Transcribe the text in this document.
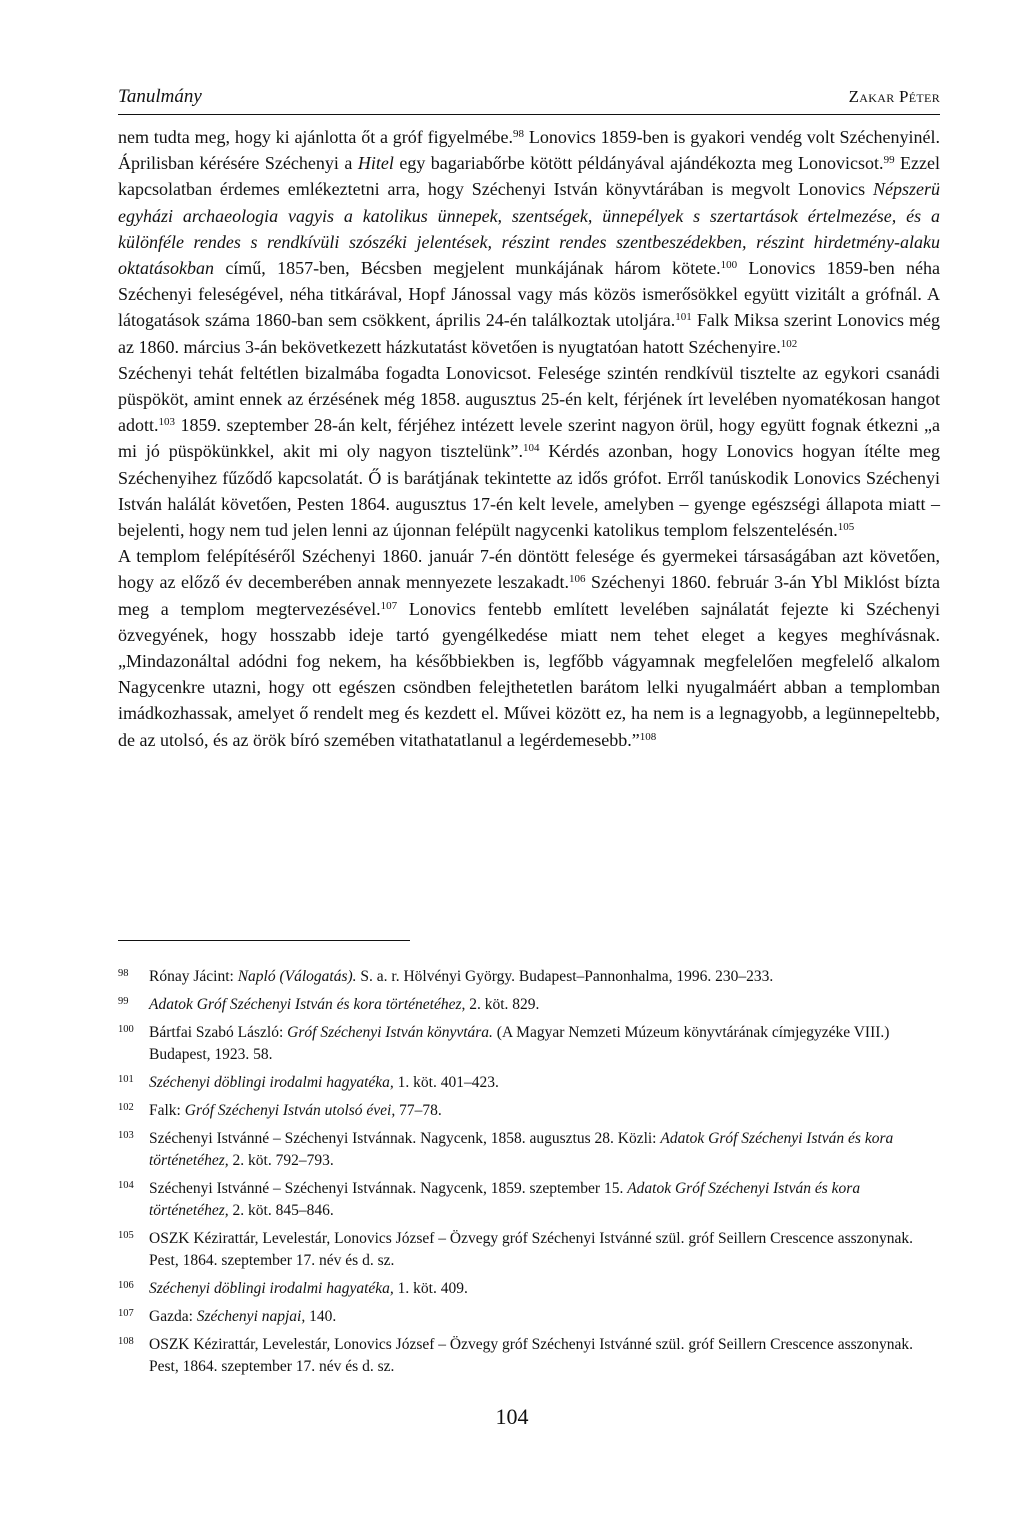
Tanulmány	Zakar Péter

nem tudta meg, hogy ki ajánlotta őt a gróf figyelmébe.$^{98}$ Lonovics 1859-ben is gyakori vendég volt Széchenyinél. Áprilisban kérésére Széchenyi a Hitel egy bagariabőrbe kötött példányával ajándékozta meg Lonovicsot.$^{99}$ Ezzel kapcsolatban érdemes emlékeztetni arra, hogy Széchenyi István könyvtárában is megvolt Lonovics Népszerü egyházi archaeologia vagyis a katolikus ünnepek, szentségek, ünnepélyek s szertartások értelmezése, és a különféle rendes s rendkívüli szószéki jelentések, részint rendes szentbeszédekben, részint hirdetmény-alaku oktatásokban című, 1857-ben, Bécsben megjelent munkájának három kötete.$^{100}$ Lonovics 1859-ben néha Széchenyi feleségével, néha titkárával, Hopf Jánossal vagy más közös ismerősökkel együtt vizitált a grófnál. A látogatások száma 1860-ban sem csökkent, április 24-én találkoztak utoljára.$^{101}$ Falk Miksa szerint Lonovics még az 1860. március 3-án bekövetkezett házkutatást követően is nyugtatóan hatott Széchenyire.$^{102}$

Széchenyi tehát feltétlen bizalmába fogadta Lonovicsot. Felesége szintén rendkívül tisztelte az egykori csanádi püspököt, amint ennek az érzésének még 1858. augusztus 25-én kelt, férjének írt levelében nyomatékosan hangot adott.$^{103}$ 1859. szeptember 28-án kelt, férjéhez intézett levele szerint nagyon örül, hogy együtt fognak étkezni „a mi jó püspökünkkel, akit mi oly nagyon tisztelünk”.$^{104}$ Kérdés azonban, hogy Lonovics hogyan ítélte meg Széchenyihez fűződő kapcsolatát. Ő is barátjának tekintette az idős grófot. Erről tanúskodik Lonovics Széchenyi István halálát követően, Pesten 1864. augusztus 17-én kelt levele, amelyben – gyenge egészségi állapota miatt – bejelenti, hogy nem tud jelen lenni az újonnan felépült nagycenki katolikus templom felszentelésén.$^{105}$

A templom felépítéséről Széchenyi 1860. január 7-én döntött felesége és gyermekei társaságában azt követően, hogy az előző év decemberében annak mennyezete leszakadt.$^{106}$ Széchenyi 1860. február 3-án Ybl Miklóst bízta meg a templom megtervezésével.$^{107}$ Lonovics fentebb említett levelében sajnálatát fejezte ki Széchenyi özvegyének, hogy hosszabb ideje tartó gyengélkedése miatt nem tehet eleget a kegyes meghívásnak. „Mindazonáltal adódni fog nekem, ha későbbiekben is, legfőbb vágyamnak megfelelően megfelelő alkalom Nagycenkre utazni, hogy ott egészen csöndben felejthetetlen barátom lelki nyugalmáért abban a templomban imádkozhassak, amelyet ő rendelt meg és kezdett el. Művei között ez, ha nem is a legnagyobb, a legünnepeltebb, de az utolsó, és az örök bíró szemében vitathatatlanul a legérdemesebb.”$^{108}$

98 Rónay Jácint: Napló (Válogatás). S. a. r. Hölvényi György. Budapest–Pannonhalma, 1996. 230–233.
99 Adatok Gróf Széchenyi István és kora történetéhez, 2. köt. 829.
100 Bártfai Szabó László: Gróf Széchenyi István könyvtára. (A Magyar Nemzeti Múzeum könyvtárának címjegyzéke VIII.) Budapest, 1923. 58.
101 Széchenyi döblingi irodalmi hagyatéka, 1. köt. 401–423.
102 Falk: Gróf Széchenyi István utolsó évei, 77–78.
103 Széchenyi Istvánné – Széchenyi Istvánnak. Nagycenk, 1858. augusztus 28. Közli: Adatok Gróf Széchenyi István és kora történetéhez, 2. köt. 792–793.
104 Széchenyi Istvánné – Széchenyi Istvánnak. Nagycenk, 1859. szeptember 15. Adatok Gróf Széchenyi István és kora történetéhez, 2. köt. 845–846.
105 OSZK Kézirattár, Levelestár, Lonovics József – Özvegy gróf Széchenyi Istvánné szül. gróf Seillern Crescence asszonynak. Pest, 1864. szeptember 17. név és d. sz.
106 Széchenyi döblingi irodalmi hagyatéka, 1. köt. 409.
107 Gazda: Széchenyi napjai, 140.
108 OSZK Kézirattár, Levelestár, Lonovics József – Özvegy gróf Széchenyi Istvánné szül. gróf Seillern Crescence asszonynak. Pest, 1864. szeptember 17. név és d. sz.
104
